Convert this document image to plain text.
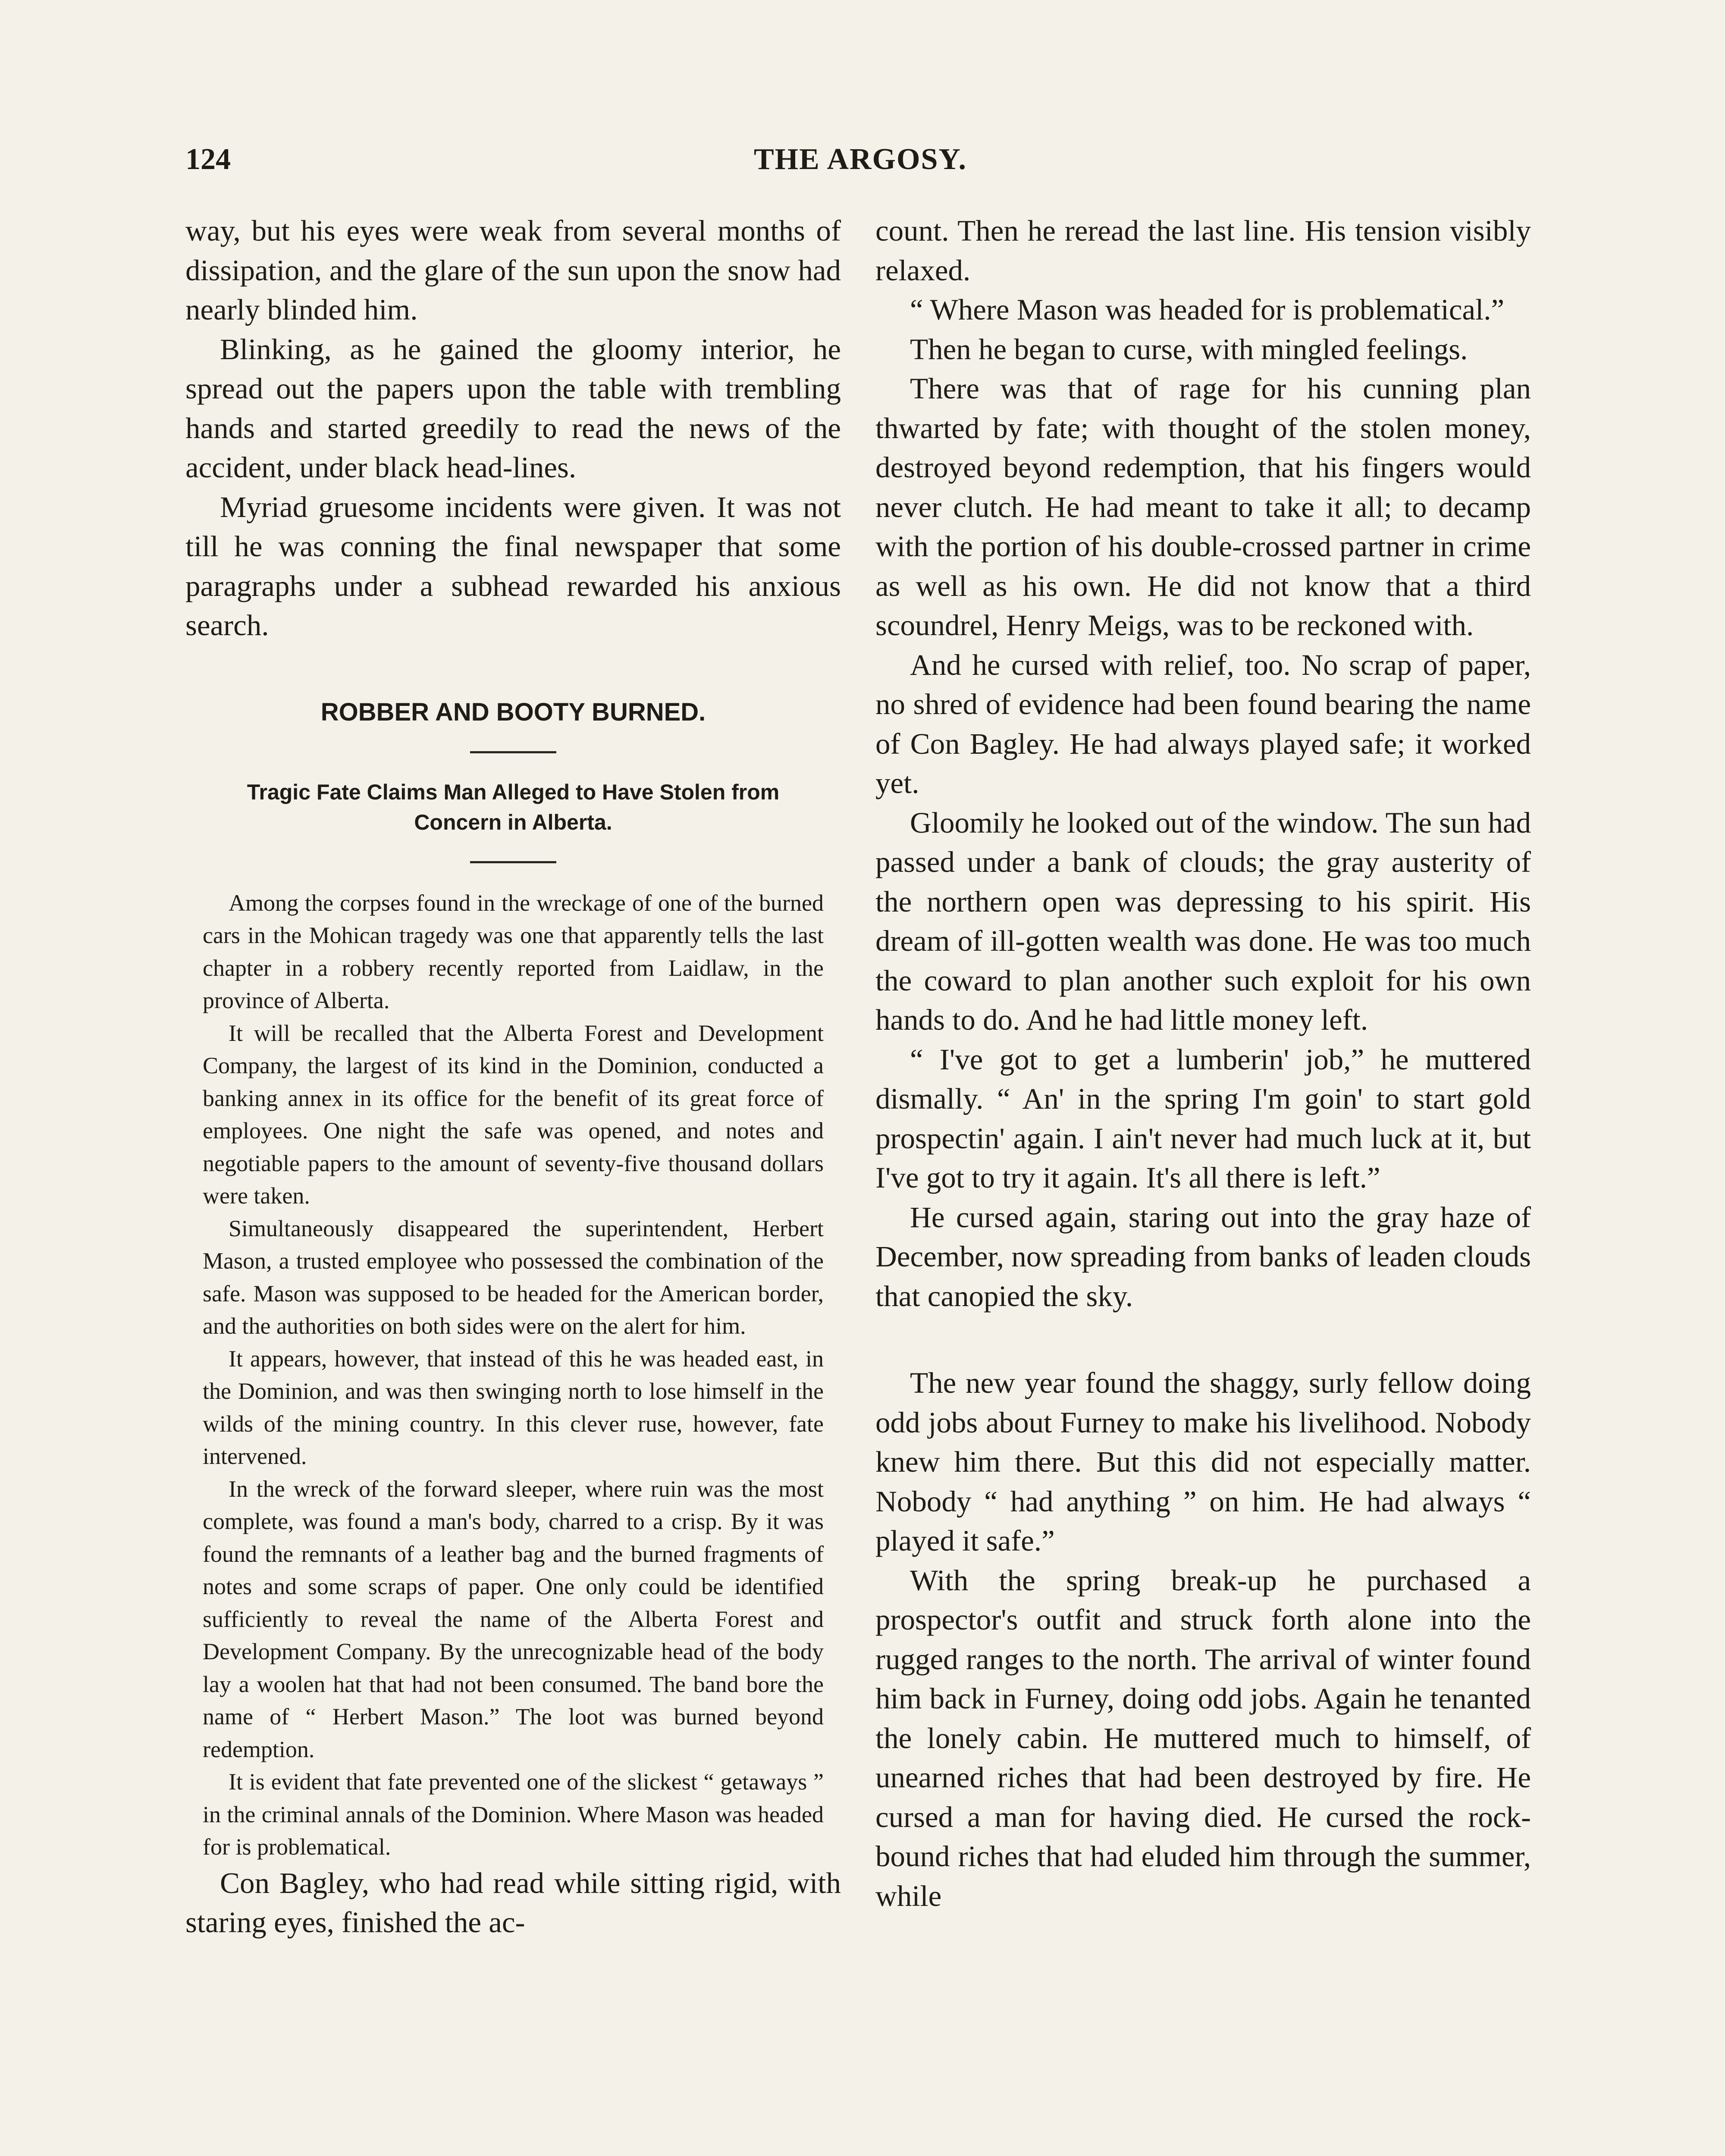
124	THE ARGOSY.

way, but his eyes were weak from several months of dissipation, and the glare of the sun upon the snow had nearly blinded him.

Blinking, as he gained the gloomy interior, he spread out the papers upon the table with trembling hands and started greedily to read the news of the accident, under black head-lines.

Myriad gruesome incidents were given. It was not till he was conning the final newspaper that some paragraphs under a subhead rewarded his anxious search.

ROBBER AND BOOTY BURNED.
Tragic Fate Claims Man Alleged to Have Stolen from Concern in Alberta.

Among the corpses found in the wreckage of one of the burned cars in the Mohican tragedy was one that apparently tells the last chapter in a robbery recently reported from Laidlaw, in the province of Alberta.

It will be recalled that the Alberta Forest and Development Company, the largest of its kind in the Dominion, conducted a banking annex in its office for the benefit of its great force of employees. One night the safe was opened, and notes and negotiable papers to the amount of seventy-five thousand dollars were taken.

Simultaneously disappeared the superintendent, Herbert Mason, a trusted employee who possessed the combination of the safe. Mason was supposed to be headed for the American border, and the authorities on both sides were on the alert for him.

It appears, however, that instead of this he was headed east, in the Dominion, and was then swinging north to lose himself in the wilds of the mining country. In this clever ruse, however, fate intervened.

In the wreck of the forward sleeper, where ruin was the most complete, was found a man's body, charred to a crisp. By it was found the remnants of a leather bag and the burned fragments of notes and some scraps of paper. One only could be identified sufficiently to reveal the name of the Alberta Forest and Development Company. By the unrecognizable head of the body lay a woolen hat that had not been consumed. The band bore the name of “ Herbert Mason.” The loot was burned beyond redemption.

It is evident that fate prevented one of the slickest “ getaways ” in the criminal annals of the Dominion. Where Mason was headed for is problematical.

Con Bagley, who had read while sitting rigid, with staring eyes, finished the ac-

count. Then he reread the last line. His tension visibly relaxed.

“ Where Mason was headed for is problematical.”

Then he began to curse, with mingled feelings.

There was that of rage for his cunning plan thwarted by fate; with thought of the stolen money, destroyed beyond redemption, that his fingers would never clutch. He had meant to take it all; to decamp with the portion of his double-crossed partner in crime as well as his own. He did not know that a third scoundrel, Henry Meigs, was to be reckoned with.

And he cursed with relief, too. No scrap of paper, no shred of evidence had been found bearing the name of Con Bagley. He had always played safe; it worked yet.

Gloomily he looked out of the window. The sun had passed under a bank of clouds; the gray austerity of the northern open was depressing to his spirit. His dream of ill-gotten wealth was done. He was too much the coward to plan another such exploit for his own hands to do. And he had little money left.

“ I've got to get a lumberin' job,” he muttered dismally. “ An' in the spring I'm goin' to start gold prospectin' again. I ain't never had much luck at it, but I've got to try it again. It's all there is left.”

He cursed again, staring out into the gray haze of December, now spreading from banks of leaden clouds that canopied the sky.

The new year found the shaggy, surly fellow doing odd jobs about Furney to make his livelihood. Nobody knew him there. But this did not especially matter. Nobody “ had anything ” on him. He had always “ played it safe.”

With the spring break-up he purchased a prospector's outfit and struck forth alone into the rugged ranges to the north. The arrival of winter found him back in Furney, doing odd jobs. Again he tenanted the lonely cabin. He muttered much to himself, of unearned riches that had been destroyed by fire. He cursed a man for having died. He cursed the rock-bound riches that had eluded him through the summer, while
